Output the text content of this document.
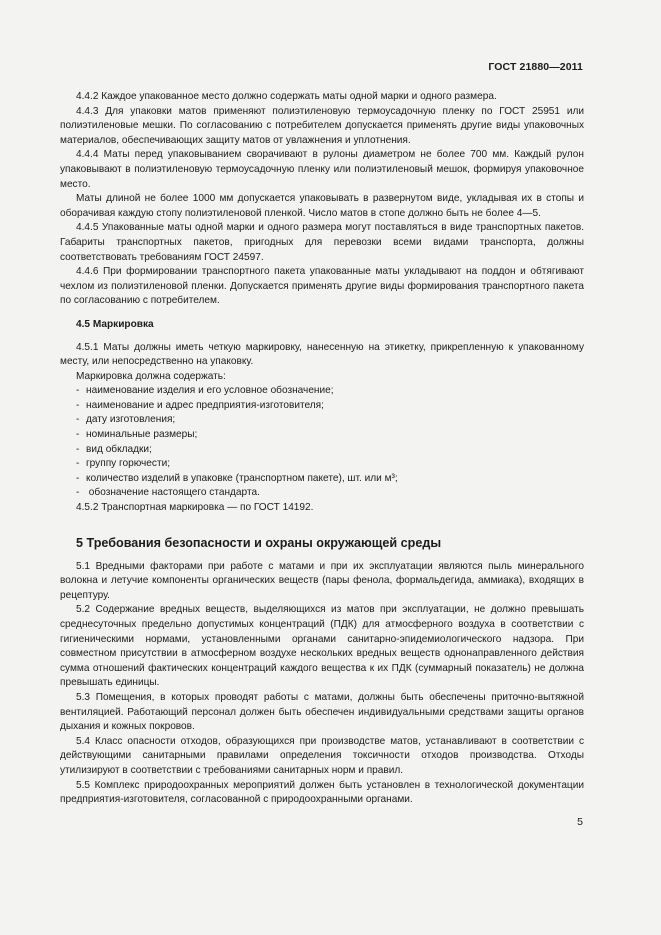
ГОСТ 21880—2011

4.4.2 Каждое упакованное место должно содержать маты одной марки и одного размера.

4.4.3 Для упаковки матов применяют полиэтиленовую термоусадочную пленку по ГОСТ 25951 или полиэтиленовые мешки. По согласованию с потребителем допускается применять другие виды упаковочных материалов, обеспечивающих защиту матов от увлажнения и уплотнения.

4.4.4 Маты перед упаковыванием сворачивают в рулоны диаметром не более 700 мм. Каждый рулон упаковывают в полиэтиленовую термоусадочную пленку или полиэтиленовый мешок, формируя упаковочное место.

Маты длиной не более 1000 мм допускается упаковывать в развернутом виде, укладывая их в стопы и оборачивая каждую стопу полиэтиленовой пленкой. Число матов в стопе должно быть не более 4—5.

4.4.5 Упакованные маты одной марки и одного размера могут поставляться в виде транспортных пакетов. Габариты транспортных пакетов, пригодных для перевозки всеми видами транспорта, должны соответствовать требованиям ГОСТ 24597.

4.4.6 При формировании транспортного пакета упакованные маты укладывают на поддон и обтягивают чехлом из полиэтиленовой пленки. Допускается применять другие виды формирования транспортного пакета по согласованию с потребителем.

4.5 Маркировка

4.5.1 Маты должны иметь четкую маркировку, нанесенную на этикетку, прикрепленную к упакованному месту, или непосредственно на упаковку.

Маркировка должна содержать:

- наименование изделия и его условное обозначение;
- наименование и адрес предприятия-изготовителя;
- дату изготовления;
- номинальные размеры;
- вид обкладки;
- группу горючести;
- количество изделий в упаковке (транспортном пакете), шт. или м³;
- обозначение настоящего стандарта.

4.5.2 Транспортная маркировка — по ГОСТ 14192.

5 Требования безопасности и охраны окружающей среды

5.1 Вредными факторами при работе с матами и при их эксплуатации являются пыль минерального волокна и летучие компоненты органических веществ (пары фенола, формальдегида, аммиака), входящих в рецептуру.

5.2 Содержание вредных веществ, выделяющихся из матов при эксплуатации, не должно превышать среднесуточных предельно допустимых концентраций (ПДК) для атмосферного воздуха в соответствии с гигиеническими нормами, установленными органами санитарно-эпидемиологического надзора. При совместном присутствии в атмосферном воздухе нескольких вредных веществ однонаправленного действия сумма отношений фактических концентраций каждого вещества к их ПДК (суммарный показатель) не должна превышать единицы.

5.3 Помещения, в которых проводят работы с матами, должны быть обеспечены приточно-вытяжной вентиляцией. Работающий персонал должен быть обеспечен индивидуальными средствами защиты органов дыхания и кожных покровов.

5.4 Класс опасности отходов, образующихся при производстве матов, устанавливают в соответствии с действующими санитарными правилами определения токсичности отходов производства. Отходы утилизируют в соответствии с требованиями санитарных норм и правил.

5.5 Комплекс природоохранных мероприятий должен быть установлен в технологической документации предприятия-изготовителя, согласованной с природоохранными органами.

5
